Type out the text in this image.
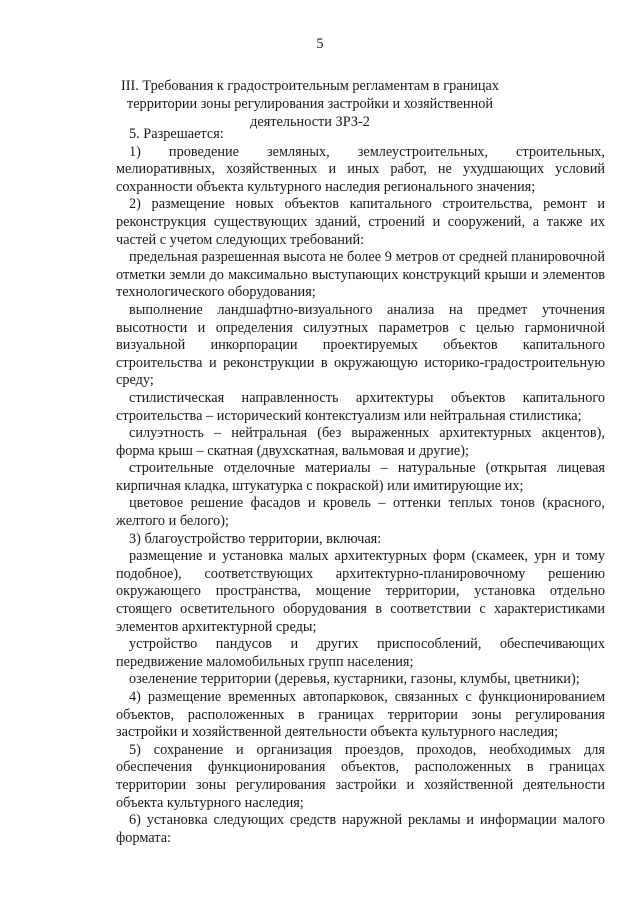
5
III. Требования к градостроительным регламентам в границах территории зоны регулирования застройки и хозяйственной деятельности ЗРЗ-2

5. Разрешается:

1) проведение земляных, землеустроительных, строительных, мелиоративных, хозяйственных и иных работ, не ухудшающих условий сохранности объекта культурного наследия регионального значения;

2) размещение новых объектов капитального строительства, ремонт и реконструкция существующих зданий, строений и сооружений, а также их частей с учетом следующих требований:

предельная разрешенная высота не более 9 метров от средней планировочной отметки земли до максимально выступающих конструкций крыши и элементов технологического оборудования;

выполнение ландшафтно-визуального анализа на предмет уточнения высотности и определения силуэтных параметров с целью гармоничной визуальной инкорпорации проектируемых объектов капитального строительства и реконструкции в окружающую историко-градостроительную среду;

стилистическая направленность архитектуры объектов капитального строительства – исторический контекстуализм или нейтральная стилистика;

силуэтность – нейтральная (без выраженных архитектурных акцентов), форма крыш – скатная (двухскатная, вальмовая и другие);

строительные отделочные материалы – натуральные (открытая лицевая кирпичная кладка, штукатурка с покраской) или имитирующие их;

цветовое решение фасадов и кровель – оттенки теплых тонов (красного, желтого и белого);

3) благоустройство территории, включая:

размещение и установка малых архитектурных форм (скамеек, урн и тому подобное), соответствующих архитектурно-планировочному решению окружающего пространства, мощение территории, установка отдельно стоящего осветительного оборудования в соответствии с характеристиками элементов архитектурной среды;

устройство пандусов и других приспособлений, обеспечивающих передвижение маломобильных групп населения;

озеленение территории (деревья, кустарники, газоны, клумбы, цветники);

4) размещение временных автопарковок, связанных с функционированием объектов, расположенных в границах территории зоны регулирования застройки и хозяйственной деятельности объекта культурного наследия;

5) сохранение и организация проездов, проходов, необходимых для обеспечения функционирования объектов, расположенных в границах территории зоны регулирования застройки и хозяйственной деятельности объекта культурного наследия;

6) установка следующих средств наружной рекламы и информации малого формата:
